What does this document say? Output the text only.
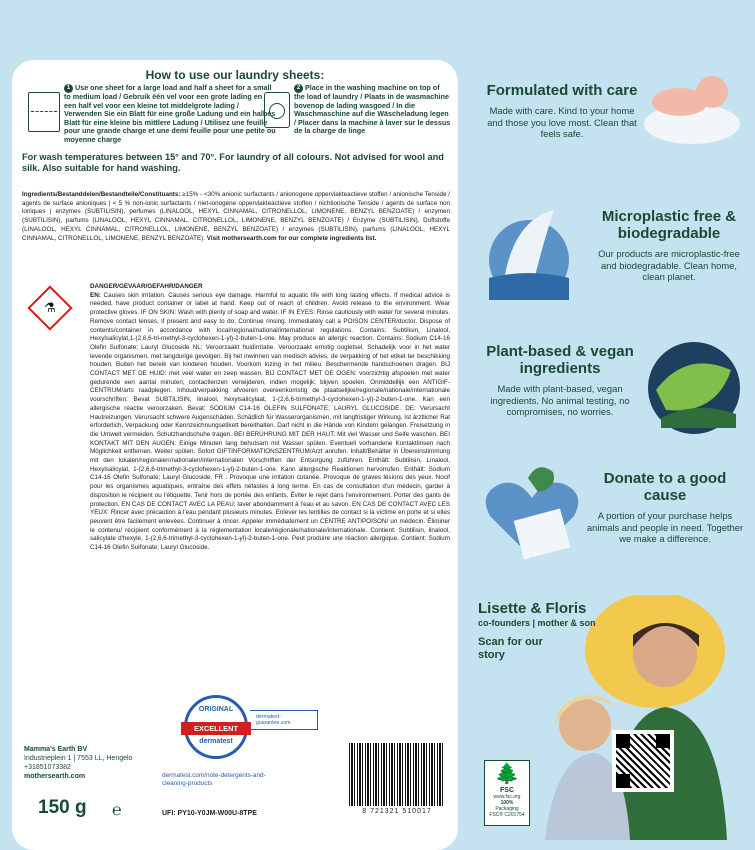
How to use our laundry sheets:
1 Use one sheet for a large load and half a sheet for a small to medium load / Gebruik één vel voor een grote lading en een half vel voor een kleine tot middelgrote lading / Verwenden Sie ein Blatt für eine große Ladung und ein halbes Blatt für eine kleine bis mittlere Ladung / Utilisez une feuille pour une grande charge et une demi feuille pour une petite ou moyenne charge
2 Place in the washing machine on top of the load of laundry / Plaats in de wasmachine bovenop de lading wasgoed / In die Waschmaschine auf die Wäscheladung legen / Placer dans la machine à laver sur le dessus de la charge de linge
For wash temperatures between 15° and 70°. For laundry of all colours. Not advised for wool and silk. Also suitable for hand washing.
Ingredients/Bestanddelen/Bestandteile/Constituants: ≥15% - <30% anionic surfactants / anionogene oppervlakteactieve stoffen / anionische Tenside / agents de surface anioniques | < 5 % non-ionic surfactants / niet-ionogene oppervlakteactieve stoffen / nichtionische Tenside / agents de surface non ioniques | enzymes (SUBTILISIN), perfumes (LINALOOL, HEXYL CINNAMAL, CITRONELLOL, LIMONENE, BENZYL BENZOATE) / enzymen (SUBTILISIN), parfums (LINALOOL, HEXYL CINNAMAL, CITRONELLOL, LIMONENE, BENZYL BENZOATE) / Enzyme (SUBTILISIN), Duftstoffe (LINALOOL, HEXYL CINNAMAL, CITRONELLOL, LIMONENE, BENZYL BENZOATE) / enzymes (SUBTILISIN), parfums (LINALOOL, HEXYL CINNAMAL, CITRONELLOL, LIMONENE, BENZYL BENZOATE). Visit mothersearth.com for our complete ingredients list.
DANGER/GEVAAR/GEFAHR/DANGER
EN: Causes skin irritation. Causes serious eye damage. Harmful to aquatic life with long lasting effects. If medical advice is needed, have product container or label at hand. Keep out of reach of children. Avoid release to the environment. Wear protective gloves. IF ON SKIN: Wash with plenty of soap and water. IF IN EYES: Rinse cautiously with water for several minutes. Remove contact lenses, if present and easy to do. Continue rinsing. Immediately call a POISON CENTER/doctor. Dispose of contents/container in accordance with local/regional/national/international regulations. Contains: Subtilisin, Linalool, Hexylsalicylat,1-(2,6,6-tri-methyl-3-cyclohexen-1-yl)-2-buten-1-one. May produce an allergic reaction. Contains: Sodium C14-16 Olefin Sulfonate; Lauryl Glucoside NL: Veroorzaakt huidirritatie. Veroorzaakt ernstig oogletsel. Schadelijk voor in het water levende organismen, met langdurige gevolgen. Bij het inwinnen van medisch advies, de verpakking of het etiket ter beschikking houden. Buiten het bereik van kinderen houden. Voorkom lozing in het milieu. Beschermende handschoenen dragen. BIJ CONTACT MET DE HUID: met veel water en zeep wassen. BIJ CONTACT MET DE OGEN: voorzichtig afspoelen met water gedurende een aantal minuten; contactlenzen verwijderen, indien mogelijk; blijven spoelen. Onmiddellijk een ANTIGIF-CENTRUM/arts raadplegen. Inhoud/verpakking afvoeren overeenkomstig de plaatselijke/regionale/nationale/internationale voorschriften: Bevat SUBTILISIN, linalool, hexylsalicylaat, 1-(2,6,6-trimethyl-3-cyclohexen-1-yl)-2-buten-1-one. Kan een allergische reactie veroorzaken. Bevat: SODIUM C14-16 OLEFIN SULFONATE; LAURYL GLUCOSIDE. DE: Verursacht Hautreizungen. Verursacht schwere Augenschäden. Schädlich für Wasserorganismen, mit langfristiger Wirkung. Ist ärztlicher Rat erforderlich, Verpackung oder Kennzeichnungsetikett bereithalten. Darf nicht in die Hände von Kindern gelangen. Freisetzung in die Umwelt vermeiden. Schutzhandschuhe tragen. BEI BERÜHRUNG MIT DER HAUT: Mit viel Wasser und Seife waschen. BEI KONTAKT MIT DEN AUGEN: Einige Minuten lang behutsam mit Wasser spülen. Eventuell vorhandene Kontaktlinsen nach Möglichkeit entfernen. Weiter spülen. Sofort GIFTINFORMATIONSZENTRUM/Arzt anrufen. Inhalt/Behälter in Übereinstimmung mit den lokalen/regionalen/nationalen/internationalen Vorschriften der Entsorgung zuführen. Enthält: Subtilisin, Linalool, Hexylsalicylat, 1-(2,6,6-trimethyl-3-cyclohexen-1-yl)-2-buten-1-one. Kann allergische Reaktionen hervorrufen. Enthält: Sodium C14-16 Olefin Sulfonate; Lauryl Glucoside. FR : Provoque une irritation cutanée. Provoque de graves lésions des yeux. Nocif pour les organismes aquatiques, entraîne des effets néfastes à long terme. En cas de consultation d'un médecin, garder à disposition le récipient ou l'étiquette. Tenir hors de portée des enfants. Éviter le rejet dans l'environnement. Porter des gants de protection. EN CAS DE CONTACT AVEC LA PEAU: laver abondamment à l'eau et au savon. EN CAS DE CONTACT AVEC LES YEUX: Rincer avec précaution à l'eau pendant plusieurs minutes. Enlever les lentilles de contact si la victime en porte et si elles peuvent être facilement enlevées. Continuer à rincer. Appeler immédiatement un CENTRE ANTIPOISON/ un médecin. Éliminer le contenu/ récipient conformément à la réglementation locale/régionale/nationale/internationale. Contient: Subtilisin, linalool, salicylate d'hexyle, 1-(2,6,6-trimethyl-3-cyclohexen-1-yl)-2-buten-1-one. Peut produire une réaction allergique. Contient: Sodium C14-16 Olefin Sulfonate; Lauryl Glucoside.
⚗
ORIGINAL
EXCELLENT
dermatest
dermatest-guarantee.com
Mamma's Earth BV
Industrieplein 1 | 7553 LL, Hengelo
+31851073382
mothersearth.com
150 g ℮
dermatest.com/note-detergents-and-cleaning-products
UFI: PY10-Y0JM-W00U-8TPE	8 721321 510017
Formulated with care
Made with care. Kind to your home and those you love most. Clean that feels safe.
Microplastic free & biodegradable
Our products are microplastic-free and biodegradable. Clean home, clean planet.
Plant-based & vegan ingredients
Made with plant-based, vegan ingredients. No animal testing, no compromises, no worries.
Donate to a good cause
A portion of your purchase helps animals and people in need. Together we make a difference.
Lisette & Floris
co-founders | mother & son
Scan for our story
🌲
FSC
www.fsc.org
100%
Packaging
FSC® C201754
